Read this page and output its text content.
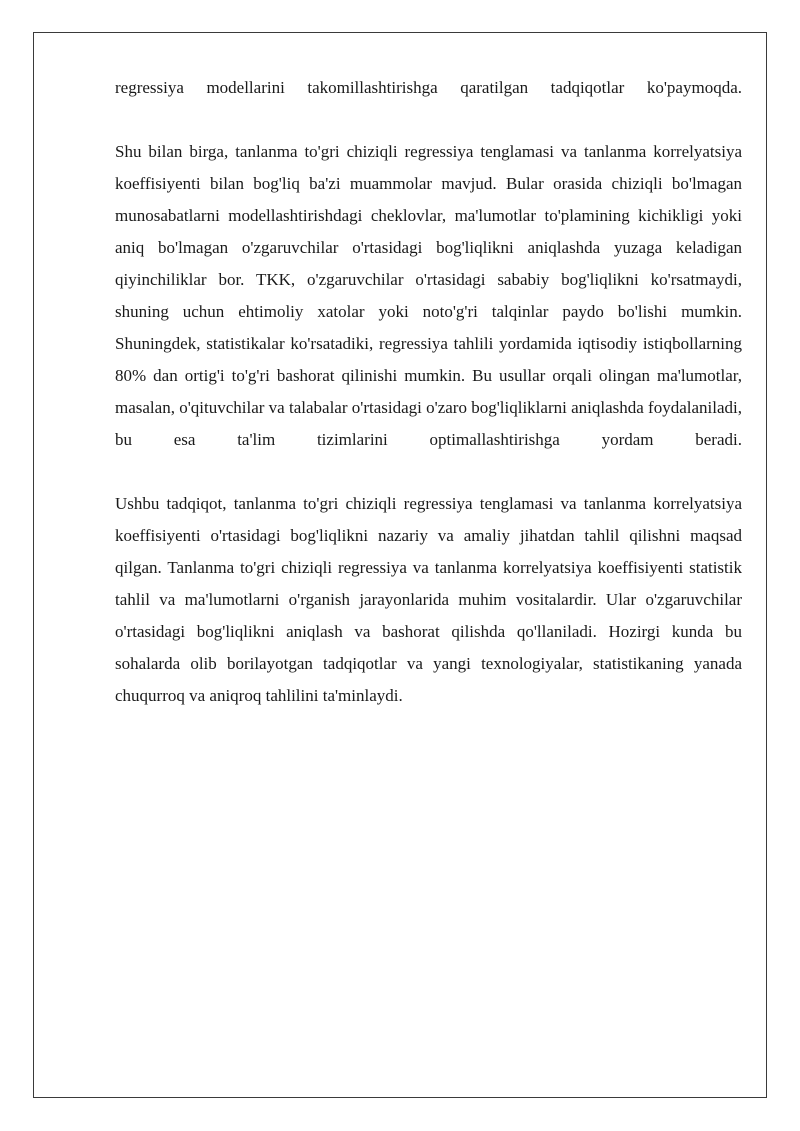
regressiya modellarini takomillashtirishga qaratilgan tadqiqotlar ko'paymoqda.

Shu bilan birga, tanlanma to'gri chiziqli regressiya tenglamasi va tanlanma korrelyatsiya koeffisiyenti bilan bog'liq ba'zi muammolar mavjud. Bular orasida chiziqli bo'lmagan munosabatlarni modellashtirishdagi cheklovlar, ma'lumotlar to'plamining kichikligi yoki aniq bo'lmagan o'zgaruvchilar o'rtasidagi bog'liqlikni aniqlashda yuzaga keladigan qiyinchiliklar bor. TKK, o'zgaruvchilar o'rtasidagi sababiy bog'liqlikni ko'rsatmaydi, shuning uchun ehtimoliy xatolar yoki noto'g'ri talqinlar paydo bo'lishi mumkin. Shuningdek, statistikalar ko'rsatadiki, regressiya tahlili yordamida iqtisodiy istiqbollarning 80% dan ortig'i to'g'ri bashorat qilinishi mumkin. Bu usullar orqali olingan ma'lumotlar, masalan, o'qituvchilar va talabalar o'rtasidagi o'zaro bog'liqliklarni aniqlashda foydalaniladi, bu esa ta'lim tizimlarini optimallashtirishga yordam beradi.

Ushbu tadqiqot, tanlanma to'gri chiziqli regressiya tenglamasi va tanlanma korrelyatsiya koeffisiyenti o'rtasidagi bog'liqlikni nazariy va amaliy jihatdan tahlil qilishni maqsad qilgan. Tanlanma to'gri chiziqli regressiya va tanlanma korrelyatsiya koeffisiyenti statistik tahlil va ma'lumotlarni o'rganish jarayonlarida muhim vositalardir. Ular o'zgaruvchilar o'rtasidagi bog'liqlikni aniqlash va bashorat qilishda qo'llaniladi. Hozirgi kunda bu sohalarda olib borilayotgan tadqiqotlar va yangi texnologiyalar, statistikaning yanada chuqurroq va aniqroq tahlilini ta'minlaydi.
